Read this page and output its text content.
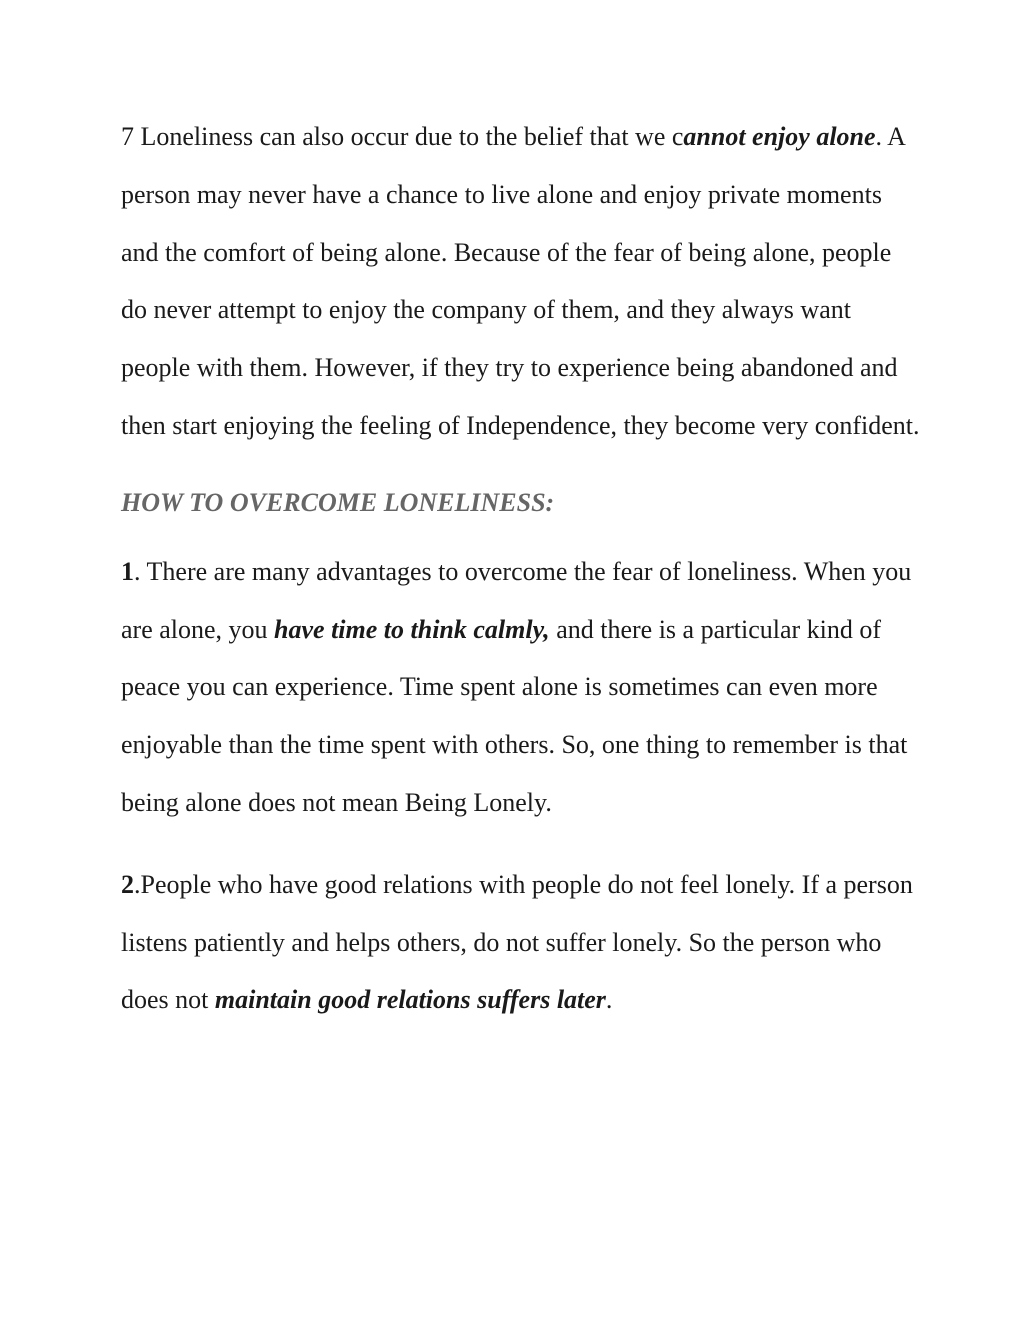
7 Loneliness can also occur due to the belief that we cannot enjoy alone. A person may never have a chance to live alone and enjoy private moments and the comfort of being alone. Because of the fear of being alone, people do never attempt to enjoy the company of them, and they always want people with them. However, if they try to experience being abandoned and then start enjoying the feeling of Independence, they become very confident.

HOW TO OVERCOME LONELINESS:

1. There are many advantages to overcome the fear of loneliness. When you are alone, you have time to think calmly, and there is a particular kind of peace you can experience. Time spent alone is sometimes can even more enjoyable than the time spent with others. So, one thing to remember is that being alone does not mean Being Lonely.

2.People who have good relations with people do not feel lonely. If a person listens patiently and helps others, do not suffer lonely. So the person who does not maintain good relations suffers later.
